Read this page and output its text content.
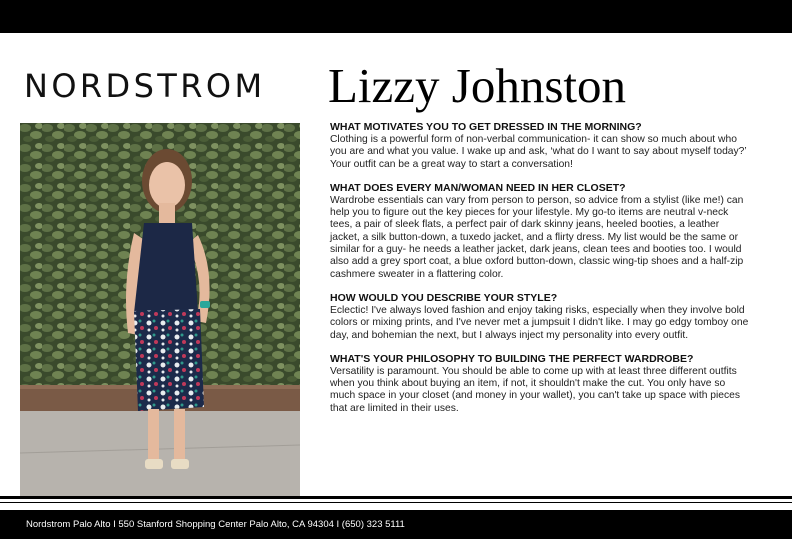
NORDSTROM Lizzy Johnston

WHAT MOTIVATES YOU TO GET DRESSED IN THE MORNING?

Clothing is a powerful form of non-verbal communication- it can show so much about who you are and what you value. I wake up and ask, ‘what do I want to say about myself today?’ Your outfit can be a great way to start a conversation!

WHAT DOES EVERY MAN/WOMAN NEED IN HER CLOSET?

Wardrobe essentials can vary from person to person, so advice from a stylist (like me!) can help you to figure out the key pieces for your lifestyle. My go-to items are neutral v-neck tees, a pair of sleek flats, a perfect pair of dark skinny jeans, heeled booties, a leather jacket, a silk button-down, a tuxedo jacket, and a flirty dress. My list would be the same or similar for a guy- he needs a leather jacket, dark jeans, clean tees and booties too. I would also add a grey sport coat, a blue oxford button-down, classic wing-tip shoes and a half-zip cashmere sweater in a flattering color.

HOW WOULD YOU DESCRIBE YOUR STYLE?

Eclectic! I've always loved fashion and enjoy taking risks, especially when they involve bold colors or mixing prints, and I've never met a jumpsuit I didn't like. I may go edgy tomboy one day, and bohemian the next, but I always inject my personality into every outfit.

WHAT'S YOUR PHILOSOPHY TO BUILDING THE PERFECT WARDROBE?

Versatility is paramount. You should be able to come up with at least three different outfits when you think about buying an item, if not, it shouldn't make the cut. You only have so much space in your closet (and money in your wallet), you can't take up space with pieces that are limited in their uses.

Nordstrom Palo Alto I 550 Stanford Shopping Center Palo Alto, CA 94304 I (650) 323 5111
